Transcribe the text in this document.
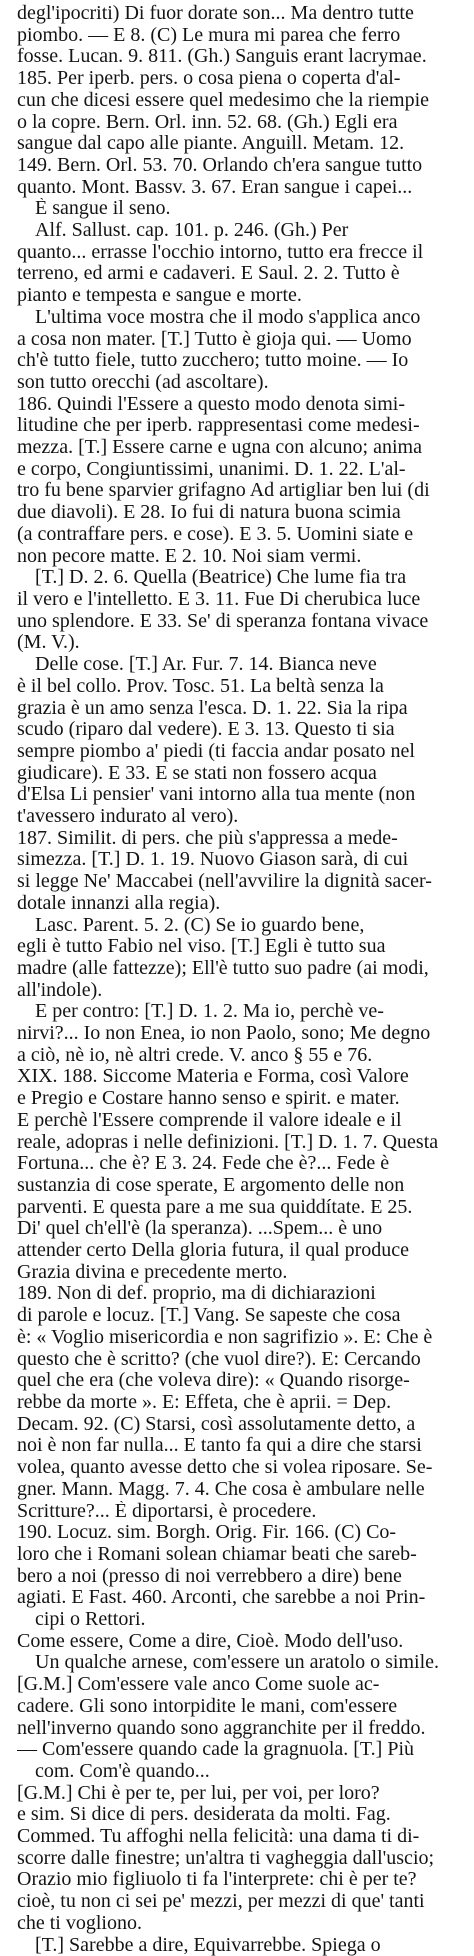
degl'ipocriti) Di fuor dorate son... Ma dentro tutte
piombo. — E 8. (C) Le mura mi parea che ferro
fosse. Lucan. 9. 811. (Gh.) Sanguis erant lacrymae.
185. Per iperb. pers. o cosa piena o coperta d'al-
cun che dicesi essere quel medesimo che la riempie
o la copre. Bern. Orl. inn. 52. 68. (Gh.) Egli era
sangue dal capo alle piante. Anguill. Metam. 12.
149. Bern. Orl. 53. 70. Orlando ch'era sangue tutto
quanto. Mont. Bassv. 3. 67. Eran sangue i capei...
È sangue il seno.
Alf. Sallust. cap. 101. p. 246. (Gh.) Per
quanto... errasse l'occhio intorno, tutto era frecce il
terreno, ed armi e cadaveri. E Saul. 2. 2. Tutto è
pianto e tempesta e sangue e morte.
L'ultima voce mostra che il modo s'applica anco
a cosa non mater. [T.] Tutto è gioja qui. — Uomo
ch'è tutto fiele, tutto zucchero; tutto moine. — Io
son tutto orecchi (ad ascoltare).
186. Quindi l'Essere a questo modo denota simi-
litudine che per iperb. rappresentasi come medesi-
mezza. [T.] Essere carne e ugna con alcuno; anima
e corpo, Congiuntissimi, unanimi. D. 1. 22. L'al-
tro fu bene sparvier grifagno Ad artigliar ben lui (di
due diavoli). E 28. Io fui di natura buona scimia
(a contraffare pers. e cose). E 3. 5. Uomini siate e
non pecore matte. E 2. 10. Noi siam vermi.
[T.] D. 2. 6. Quella (Beatrice) Che lume fia tra
il vero e l'intelletto. E 3. 11. Fue Di cherubica luce
uno splendore. E 33. Se' di speranza fontana vivace
(M. V.).
Delle cose. [T.] Ar. Fur. 7. 14. Bianca neve
è il bel collo. Prov. Tosc. 51. La beltà senza la
grazia è un amo senza l'esca. D. 1. 22. Sia la ripa
scudo (riparo dal vedere). E 3. 13. Questo ti sia
sempre piombo a' piedi (ti faccia andar posato nel
giudicare). E 33. E se stati non fossero acqua
d'Elsa Li pensier' vani intorno alla tua mente (non
t'avessero indurato al vero).
187. Similit. di pers. che più s'appressa a mede-
simezza. [T.] D. 1. 19. Nuovo Giason sarà, di cui
si legge Ne' Maccabei (nell'avvilire la dignità sacer-
dotale innanzi alla regia).
Lasc. Parent. 5. 2. (C) Se io guardo bene,
egli è tutto Fabio nel viso. [T.] Egli è tutto sua
madre (alle fattezze); Ell'è tutto suo padre (ai modi,
all'indole).
E per contro: [T.] D. 1. 2. Ma io, perchè ve-
nirvi?... Io non Enea, io non Paolo, sono; Me degno
a ciò, nè io, nè altri crede. V. anco § 55 e 76.
XIX. 188. Siccome Materia e Forma, così Valore
e Pregio e Costare hanno senso e spirit. e mater.
E perchè l'Essere comprende il valore ideale e il
reale, adopras i nelle definizioni. [T.] D. 1. 7. Questa
Fortuna... che è? E 3. 24. Fede che è?... Fede è
sustanzia di cose sperate, E argomento delle non
parventi. E questa pare a me sua quiddítate. E 25.
Di' quel ch'ell'è (la speranza). ...Spem... è uno
attender certo Della gloria futura, il qual produce
Grazia divina e precedente merto.
189. Non di def. proprio, ma di dichiarazioni
di parole e locuz. [T.] Vang. Se sapeste che cosa
è: « Voglio misericordia e non sagrifizio ». E: Che è
questo che è scritto? (che vuol dire?). E: Cercando
quel che era (che voleva dire): « Quando risorge-
rebbe da morte ». E: Effeta, che è aprii. = Dep.
Decam. 92. (C) Starsi, così assolutamente detto, a
noi è non far nulla... E tanto fa qui a dire che starsi
volea, quanto avesse detto che si volea riposare. Se-
gner. Mann. Magg. 7. 4. Che cosa è ambulare nelle
Scritture?... È diportarsi, è procedere.
190. Locuz. sim. Borgh. Orig. Fir. 166. (C) Co-
loro che i Romani solean chiamar beati che sareb-
bero a noi (presso di noi verrebbero a dire) bene
agiati. E Fast. 460. Arconti, che sarebbe a noi Prin-
cipi o Rettori.
Come essere, Come a dire, Cioè. Modo dell'uso.
Un qualche arnese, com'essere un aratolo o simile.
[G.M.] Com'essere vale anco Come suole ac-
cadere. Gli sono intorpidite le mani, com'essere
nell'inverno quando sono aggranchite per il freddo.
— Com'essere quando cade la gragnuola. [T.] Più
com. Com'è quando...
[G.M.] Chi è per te, per lui, per voi, per loro?
e sim. Si dice di pers. desiderata da molti. Fag.
Commed. Tu affoghi nella felicità: una dama ti di-
scorre dalle finestre; un'altra ti vagheggia dall'uscio;
Orazio mio figliuolo ti fa l'interprete: chi è per te?
cioè, tu non ci sei pe' mezzi, per mezzi di que' tanti
che ti vogliono.
[T.] Sarebbe a dire, Equivarrebbe. Spiega o
